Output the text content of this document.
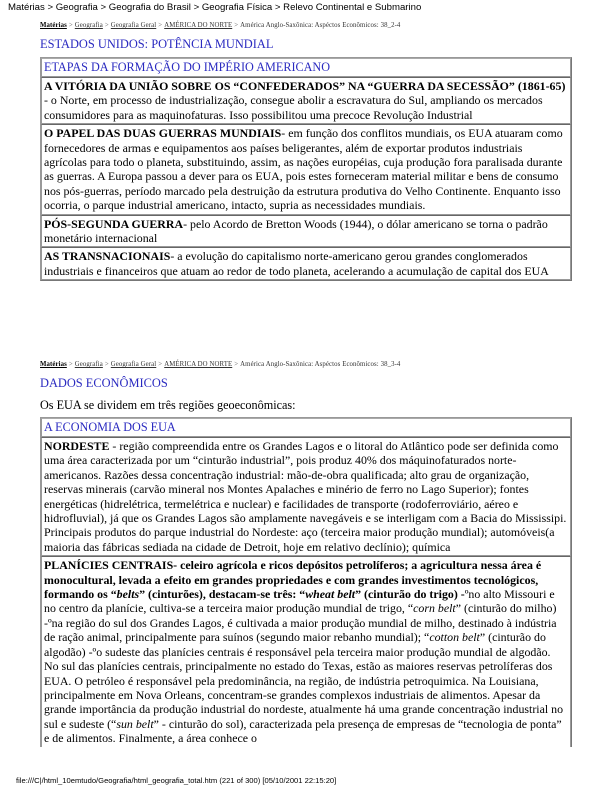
Matérias > Geografia > Geografia do Brasil > Geografia Física > Relevo Continental e Submarino
Matérias > Geografia > Geografia Geral > AMÉRICA DO NORTE > América Anglo-Saxônica: Aspéctos Econômicos: 38_2-4
ESTADOS UNIDOS: POTÊNCIA MUNDIAL
ETAPAS DA FORMAÇÃO DO IMPÉRIO AMERICANO
A VITÓRIA DA UNIÃO SOBRE OS “CONFEDERADOS” NA “GUERRA DA SECESSÃO” (1861-65) - o Norte, em processo de industrialização, consegue abolir a escravatura do Sul, ampliando os mercados consumidores para as maquinofaturas. Isso possibilitou uma precoce Revolução Industrial
O PAPEL DAS DUAS GUERRAS MUNDIAIS- em função dos conflitos mundiais, os EUA atuaram como fornecedores de armas e equipamentos aos países beligerantes, além de exportar produtos industriais agrícolas para todo o planeta, substituindo, assim, as nações européias, cuja produção fora paralisada durante as guerras. A Europa passou a dever para os EUA, pois estes forneceram material militar e bens de consumo nos pós-guerras, período marcado pela destruição da estrutura produtiva do Velho Continente. Enquanto isso ocorria, o parque industrial americano, intacto, supria as necessidades mundiais.
PÓS-SEGUNDA GUERRA- pelo Acordo de Bretton Woods (1944), o dólar americano se torna o padrão monetário internacional
AS TRANSNACIONAIS- a evolução do capitalismo norte-americano gerou grandes conglomerados industriais e financeiros que atuam ao redor de todo planeta, acelerando a acumulação de capital dos EUA
Matérias > Geografia > Geografia Geral > AMÉRICA DO NORTE > América Anglo-Saxônica: Aspéctos Econômicos: 38_3-4
DADOS ECONÔMICOS
Os EUA se dividem em três regiões geoeconômicas:
A ECONOMIA DOS EUA
NORDESTE - região compreendida entre os Grandes Lagos e o litoral do Atlântico pode ser definida como uma área caracterizada por um “cinturão industrial”, pois produz 40% dos máquinofaturados norte-americanos. Razões dessa concentração industrial: mão-de-obra qualificada; alto grau de organização, reservas minerais (carvão mineral nos Montes Apalaches e minério de ferro no Lago Superior); fontes energéticas (hidrelétrica, termelétrica e nuclear) e facilidades de transporte (rodoferroviário, aéreo e hidrofluvial), já que os Grandes Lagos são amplamente navegáveis e se interligam com a Bacia do Mississipi. Principais produtos do parque industrial do Nordeste: aço (terceira maior produção mundial); automóveis(a maioria das fábricas sediada na cidade de Detroit, hoje em relativo declínio); química
PLANÍCIES CENTRAIS- celeiro agrícola e ricos depósitos petrolíferos; a agricultura nessa área é monocultural, levada a efeito em grandes propriedades e com grandes investimentos tecnológicos, formando os “belts” (cinturões), destacam-se três: “wheat belt” (cinturão do trigo) -ºno alto Missouri e no centro da planície, cultiva-se a terceira maior produção mundial de trigo, “corn belt” (cinturão do milho) -ºna região do sul dos Grandes Lagos, é cultivada a maior produção mundial de milho, destinado à indústria de ração animal, principalmente para suínos (segundo maior rebanho mundial); “cotton belt” (cinturão do algodão) -ºo sudeste das planícies centrais é responsável pela terceira maior produção mundial de algodão. No sul das planícies centrais, principalmente no estado do Texas, estão as maiores reservas petrolíferas dos EUA. O petróleo é responsável pela predominância, na região, de indústria petroquimica. Na Louisiana, principalmente em Nova Orleans, concentram-se grandes complexos industriais de alimentos. Apesar da grande importância da produção industrial do nordeste, atualmente há uma grande concentração industrial no sul e sudeste (“sun belt” - cinturão do sol), caracterizada pela presença de empresas de “tecnologia de ponta” e de alimentos. Finalmente, a área conhece o
file:///C|/html_10emtudo/Geografia/html_geografia_total.htm (221 of 300) [05/10/2001 22:15:20]
